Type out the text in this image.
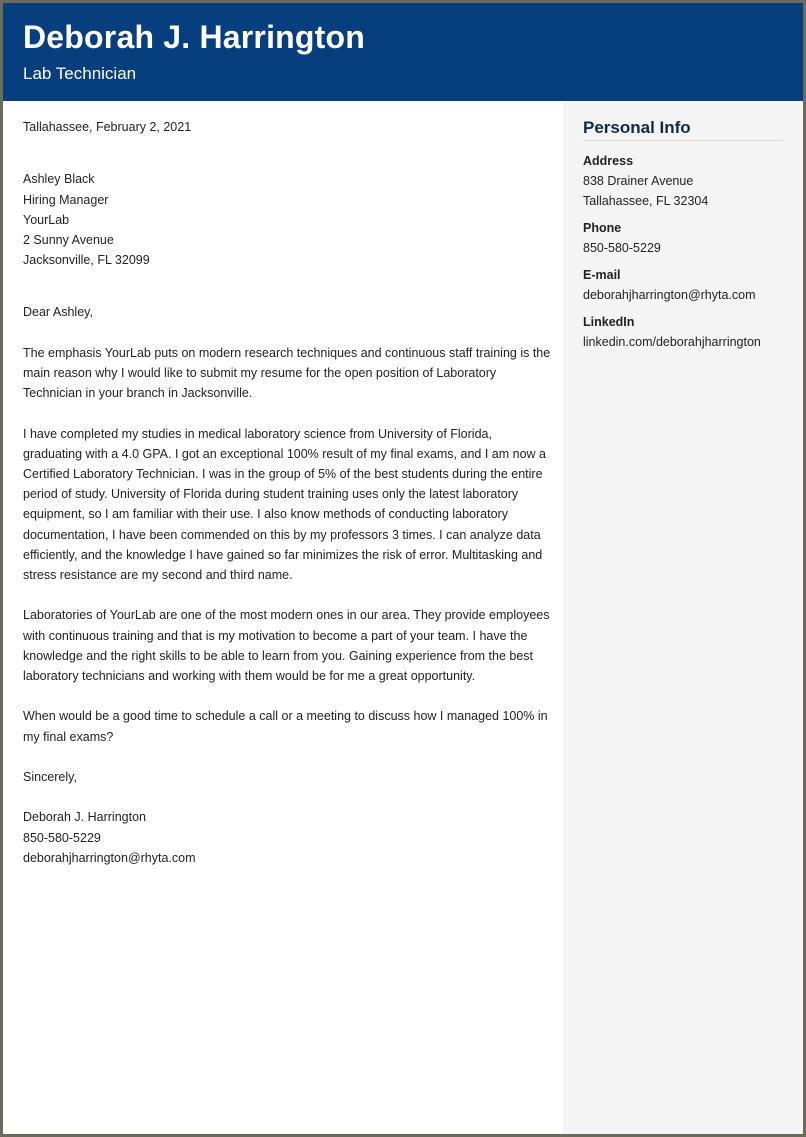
Deborah J. Harrington
Lab Technician
Personal Info
Address
838 Drainer Avenue
Tallahassee, FL 32304
Phone
850-580-5229
E-mail
deborahjharrington@rhyta.com
LinkedIn
linkedin.com/deborahjharrington

Tallahassee, February 2, 2021

Ashley Black
Hiring Manager
YourLab
2 Sunny Avenue
Jacksonville, FL 32099

Dear Ashley,

The emphasis YourLab puts on modern research techniques and continuous staff training is the main reason why I would like to submit my resume for the open position of Laboratory Technician in your branch in Jacksonville.

I have completed my studies in medical laboratory science from University of Florida, graduating with a 4.0 GPA. I got an exceptional 100% result of my final exams, and I am now a Certified Laboratory Technician. I was in the group of 5% of the best students during the entire period of study. University of Florida during student training uses only the latest laboratory equipment, so I am familiar with their use. I also know methods of conducting laboratory documentation, I have been commended on this by my professors 3 times. I can analyze data efficiently, and the knowledge I have gained so far minimizes the risk of error. Multitasking and stress resistance are my second and third name.

Laboratories of YourLab are one of the most modern ones in our area. They provide employees with continuous training and that is my motivation to become a part of your team. I have the knowledge and the right skills to be able to learn from you. Gaining experience from the best laboratory technicians and working with them would be for me a great opportunity.

When would be a good time to schedule a call or a meeting to discuss how I managed 100% in my final exams?

Sincerely,

Deborah J. Harrington
850-580-5229
deborahjharrington@rhyta.com
